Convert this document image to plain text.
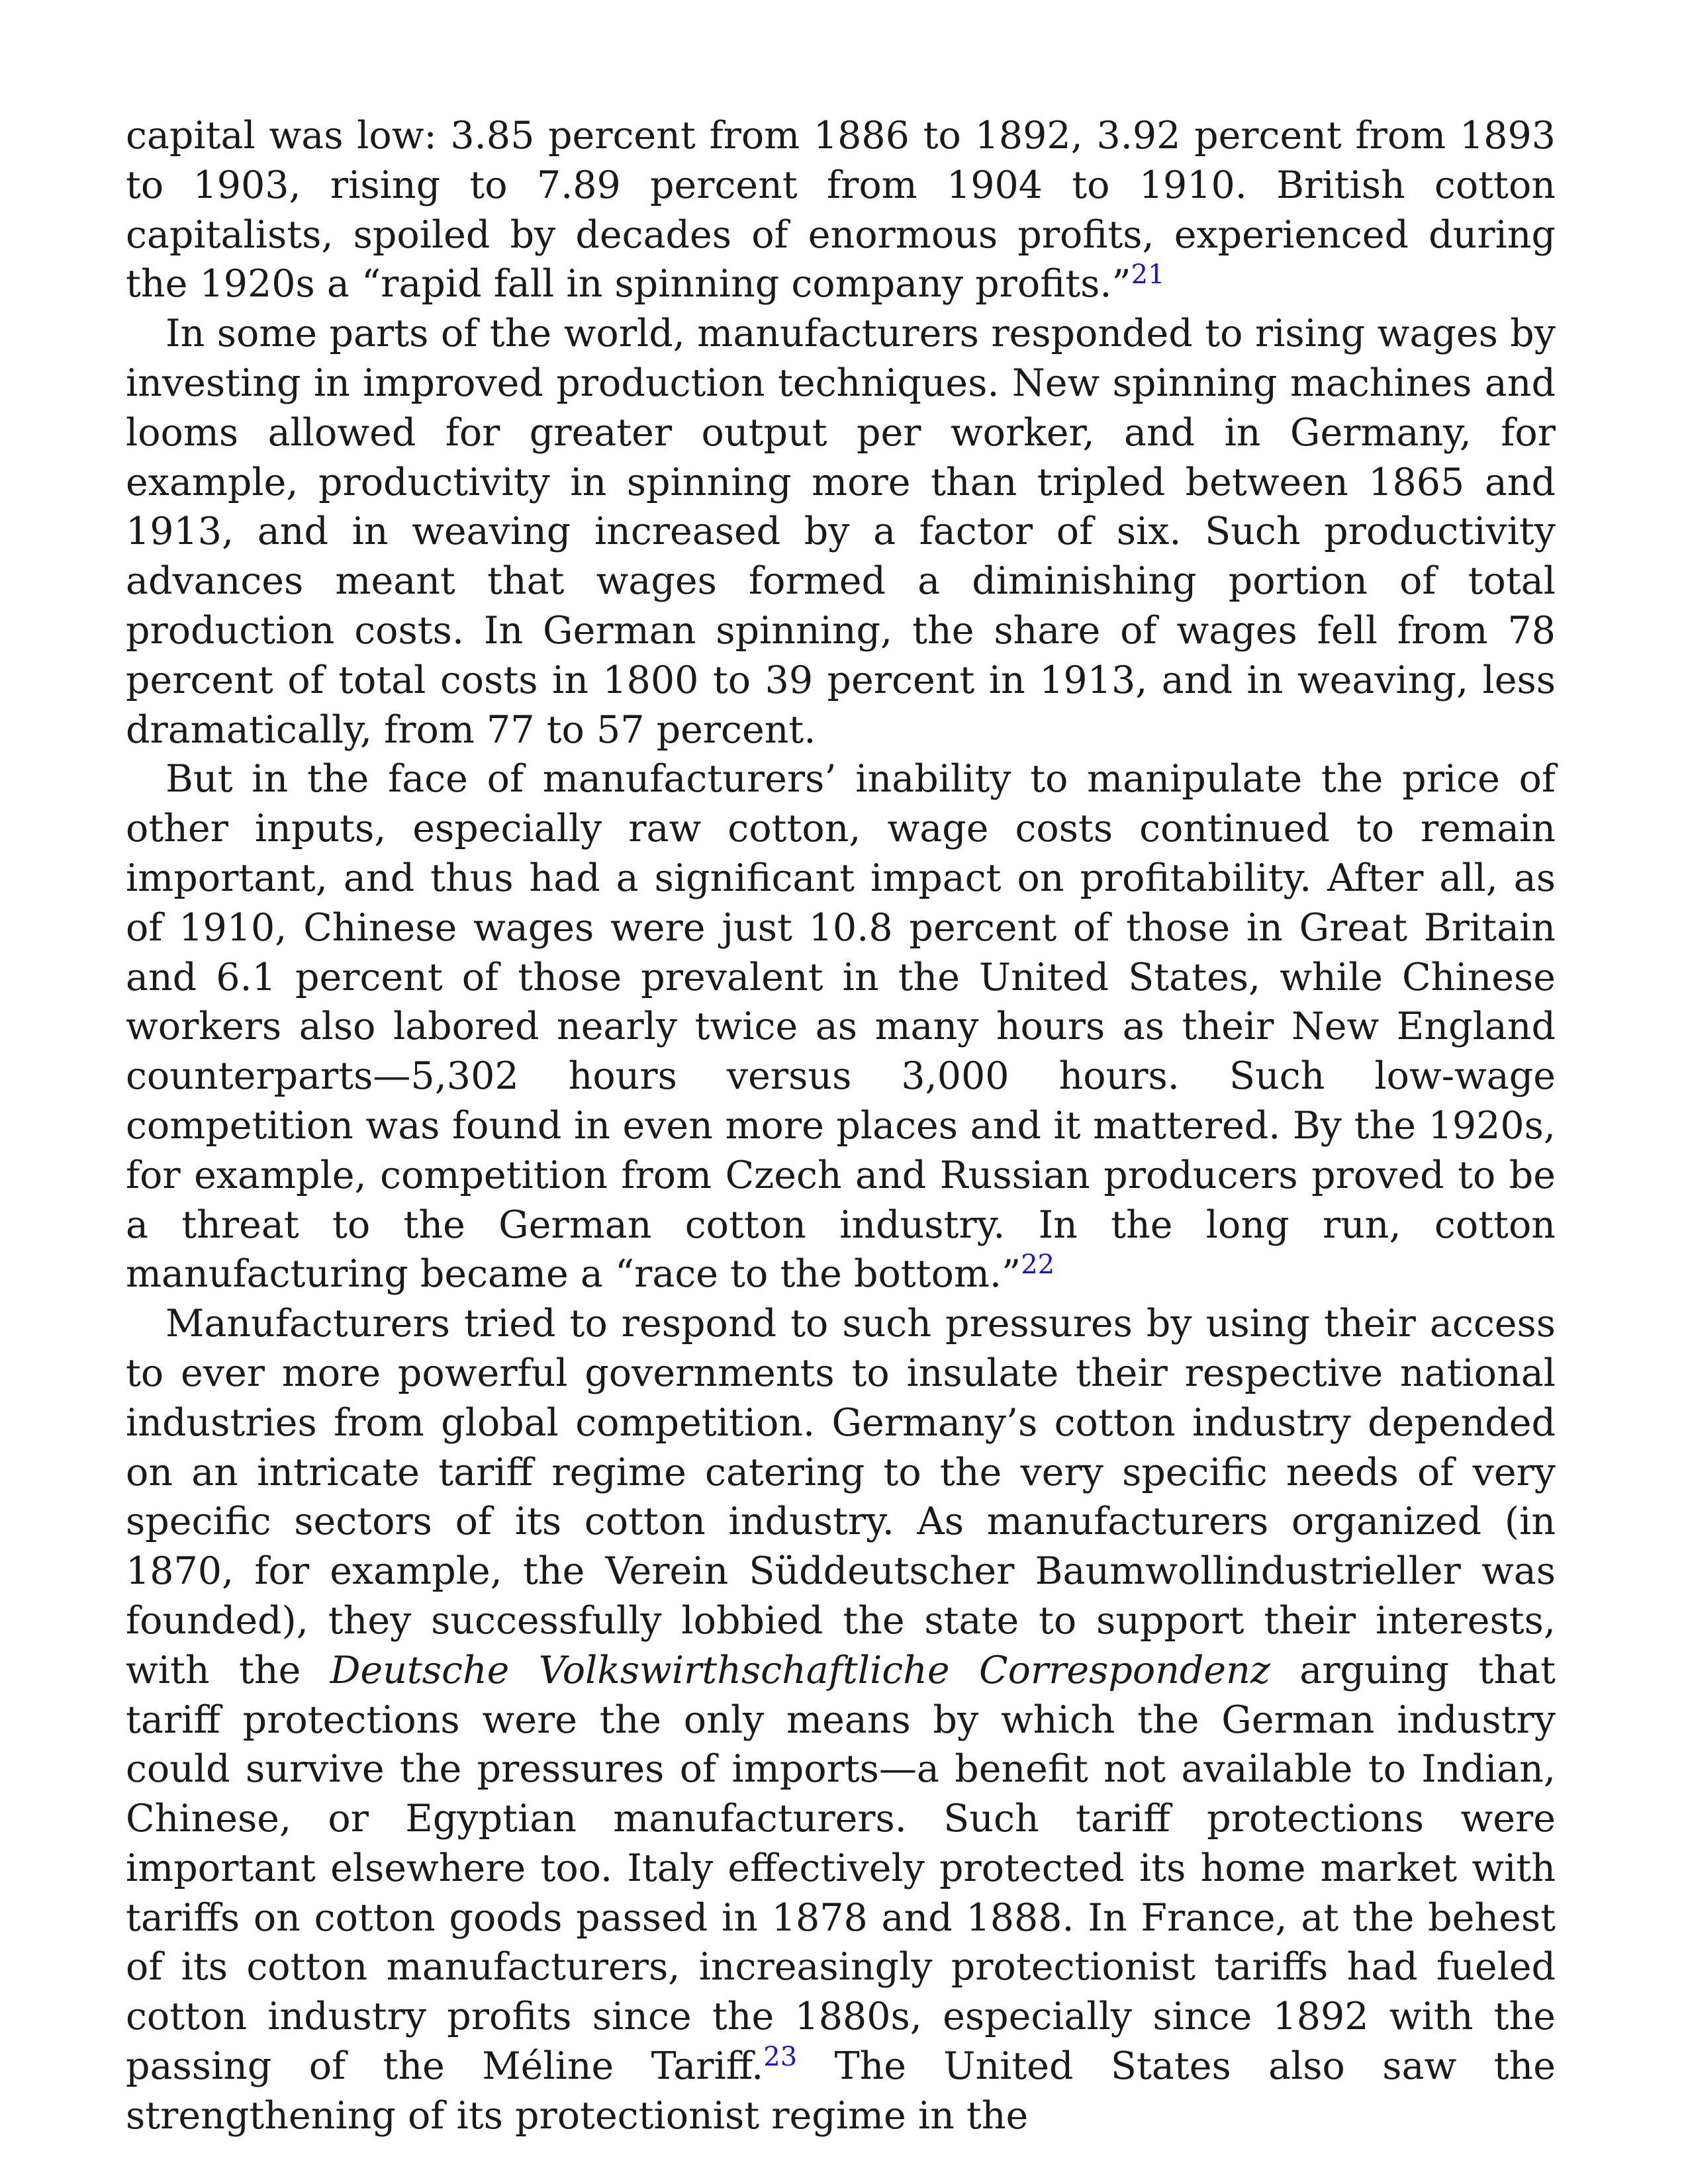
capital was low: 3.85 percent from 1886 to 1892, 3.92 percent from 1893 to 1903, rising to 7.89 percent from 1904 to 1910. British cotton capitalists, spoiled by decades of enormous profits, experienced during the 1920s a “rapid fall in spinning company profits.”$^{21}$

In some parts of the world, manufacturers responded to rising wages by investing in improved production techniques. New spinning machines and looms allowed for greater output per worker, and in Germany, for example, productivity in spinning more than tripled between 1865 and 1913, and in weaving increased by a factor of six. Such productivity advances meant that wages formed a diminishing portion of total production costs. In German spinning, the share of wages fell from 78 percent of total costs in 1800 to 39 percent in 1913, and in weaving, less dramatically, from 77 to 57 percent.

But in the face of manufacturers’ inability to manipulate the price of other inputs, especially raw cotton, wage costs continued to remain important, and thus had a significant impact on profitability. After all, as of 1910, Chinese wages were just 10.8 percent of those in Great Britain and 6.1 percent of those prevalent in the United States, while Chinese workers also labored nearly twice as many hours as their New England counterparts—5,302 hours versus 3,000 hours. Such low-wage competition was found in even more places and it mattered. By the 1920s, for example, competition from Czech and Russian producers proved to be a threat to the German cotton industry. In the long run, cotton manufacturing became a “race to the bottom.”$^{22}$

Manufacturers tried to respond to such pressures by using their access to ever more powerful governments to insulate their respective national industries from global competition. Germany’s cotton industry depended on an intricate tariff regime catering to the very specific needs of very specific sectors of its cotton industry. As manufacturers organized (in 1870, for example, the Verein Süddeutscher Baumwollindustrieller was founded), they successfully lobbied the state to support their interests, with the Deutsche Volkswirthschaftliche Correspondenz arguing that tariff protections were the only means by which the German industry could survive the pressures of imports—a benefit not available to Indian, Chinese, or Egyptian manufacturers. Such tariff protections were important elsewhere too. Italy effectively protected its home market with tariffs on cotton goods passed in 1878 and 1888. In France, at the behest of its cotton manufacturers, increasingly protectionist tariffs had fueled cotton industry profits since the 1880s, especially since 1892 with the passing of the Méline Tariff.$^{23}$ The United States also saw the strengthening of its protectionist regime in the
